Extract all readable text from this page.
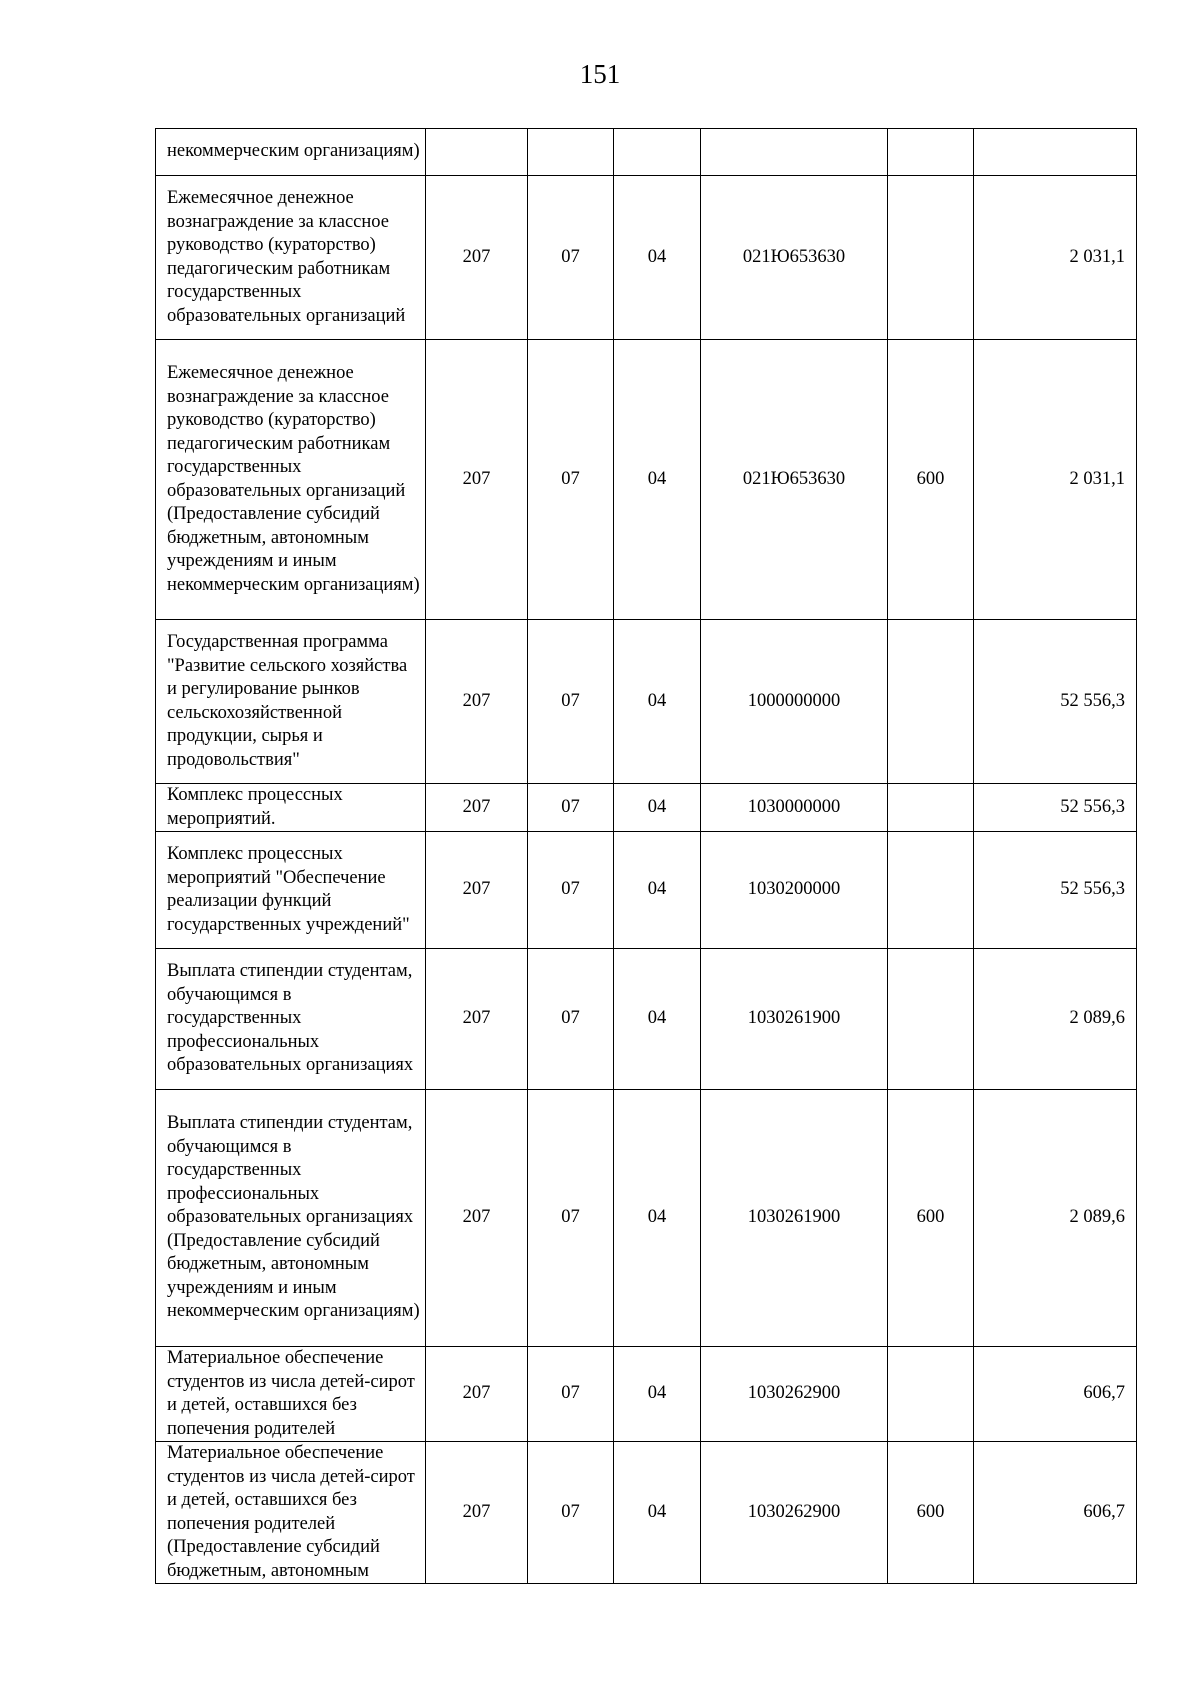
151
некоммерческим организациям)						

Ежемесячное денежное вознаграждение за классное руководство (кураторство) педагогическим работникам государственных образовательных организаций	207	07	04	021Ю653630		2 031,1

Ежемесячное денежное вознаграждение за классное руководство (кураторство) педагогическим работникам государственных образовательных организаций (Предоставление субсидий бюджетным, автономным учреждениям и иным некоммерческим организациям)	207	07	04	021Ю653630	600	2 031,1

Государственная программа "Развитие сельского хозяйства и регулирование рынков сельскохозяйственной продукции, сырья и продовольствия"	207	07	04	1000000000		52 556,3

Комплекс процессных мероприятий.	207	07	04	1030000000		52 556,3

Комплекс процессных мероприятий "Обеспечение реализации функций государственных учреждений"	207	07	04	1030200000		52 556,3

Выплата стипендии студентам, обучающимся в государственных профессиональных образовательных организациях	207	07	04	1030261900		2 089,6

Выплата стипендии студентам, обучающимся в государственных профессиональных образовательных организациях (Предоставление субсидий бюджетным, автономным учреждениям и иным некоммерческим организациям)	207	07	04	1030261900	600	2 089,6

Материальное обеспечение студентов из числа детей-сирот и детей, оставшихся без попечения родителей	207	07	04	1030262900		606,7

Материальное обеспечение студентов из числа детей-сирот и детей, оставшихся без попечения родителей (Предоставление субсидий бюджетным, автономным	207	07	04	1030262900	600	606,7
